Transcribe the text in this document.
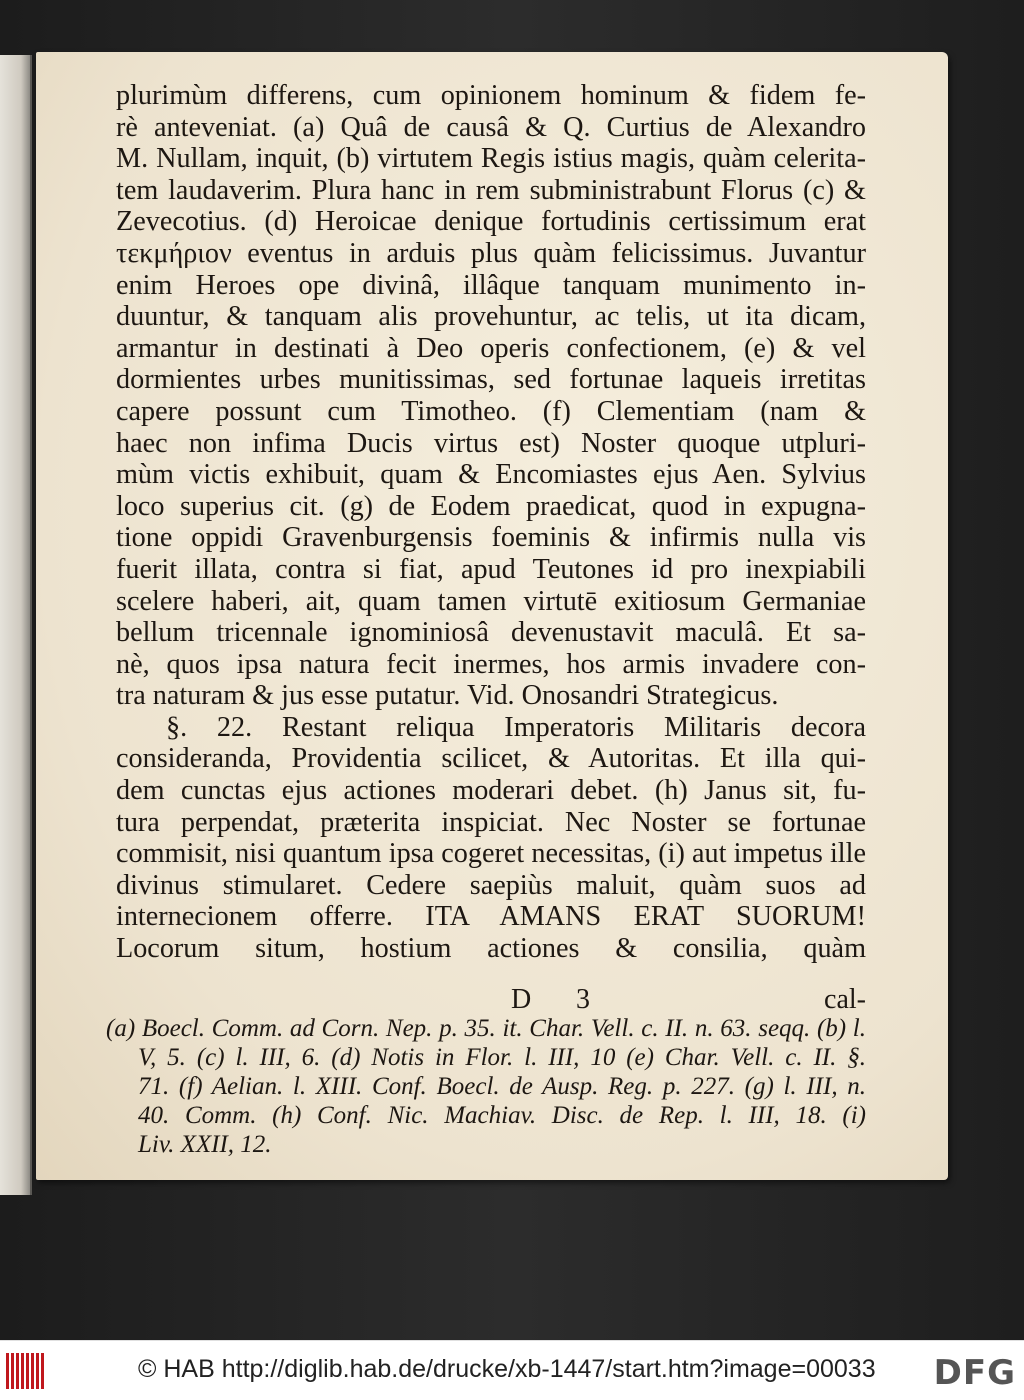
plurimùm differens, cum opinionem hominum & fidem fe-
rè anteveniat. (a) Quâ de causâ & Q. Curtius de Alexandro
M. Nullam, inquit, (b) virtutem Regis istius magis, quàm celerita-
tem laudaverim. Plura hanc in rem subministrabunt Florus (c) &
Zevecotius. (d) Heroicae denique fortudinis certissimum erat
τεκμήριον eventus in arduis plus quàm felicissimus. Juvantur
enim Heroes ope divinâ, illâque tanquam munimento in-
duuntur, & tanquam alis provehuntur, ac telis, ut ita dicam,
armantur in destinati à Deo operis confectionem, (e) & vel
dormientes urbes munitissimas, sed fortunae laqueis irretitas
capere possunt cum Timotheo. (f) Clementiam (nam &
haec non infima Ducis virtus est) Noster quoque utpluri-
mùm victis exhibuit, quam & Encomiastes ejus Aen. Sylvius
loco superius cit. (g) de Eodem praedicat, quod in expugna-
tione oppidi Gravenburgensis foeminis & infirmis nulla vis
fuerit illata, contra si fiat, apud Teutones id pro inexpiabili
scelere haberi, ait, quam tamen virtutē exitiosum Germaniae
bellum tricennale ignominiosâ devenustavit maculâ. Et sa-
nè, quos ipsa natura fecit inermes, hos armis invadere con-
tra naturam & jus esse putatur. Vid. Onosandri Strategicus.
§. 22. Restant reliqua Imperatoris Militaris decora
consideranda, Providentia scilicet, & Autoritas. Et illa qui-
dem cunctas ejus actiones moderari debet. (h) Janus sit, fu-
tura perpendat, præterita inspiciat. Nec Noster se fortunae
commisit, nisi quantum ipsa cogeret necessitas, (i) aut impetus ille
divinus stimularet. Cedere saepiùs maluit, quàm suos ad
internecionem offerre. ITA AMANS ERAT SUORUM!
Locorum situm, hostium actiones & consilia, quàm
D 3	cal-
(a) Boecl. Comm. ad Corn. Nep. p. 35. it. Char. Vell. c. II. n. 63. seqq. (b) l.
V, 5. (c) l. III, 6. (d) Notis in Flor. l. III, 10 (e) Char. Vell. c. II. §.
71. (f) Aelian. l. XIII. Conf. Boecl. de Ausp. Reg. p. 227. (g) l. III, n.
40. Comm. (h) Conf. Nic. Machiav. Disc. de Rep. l. III, 18. (i)
Liv. XXII, 12.
© HAB http://diglib.hab.de/drucke/xb-1447/start.htm?image=00033 DFG
